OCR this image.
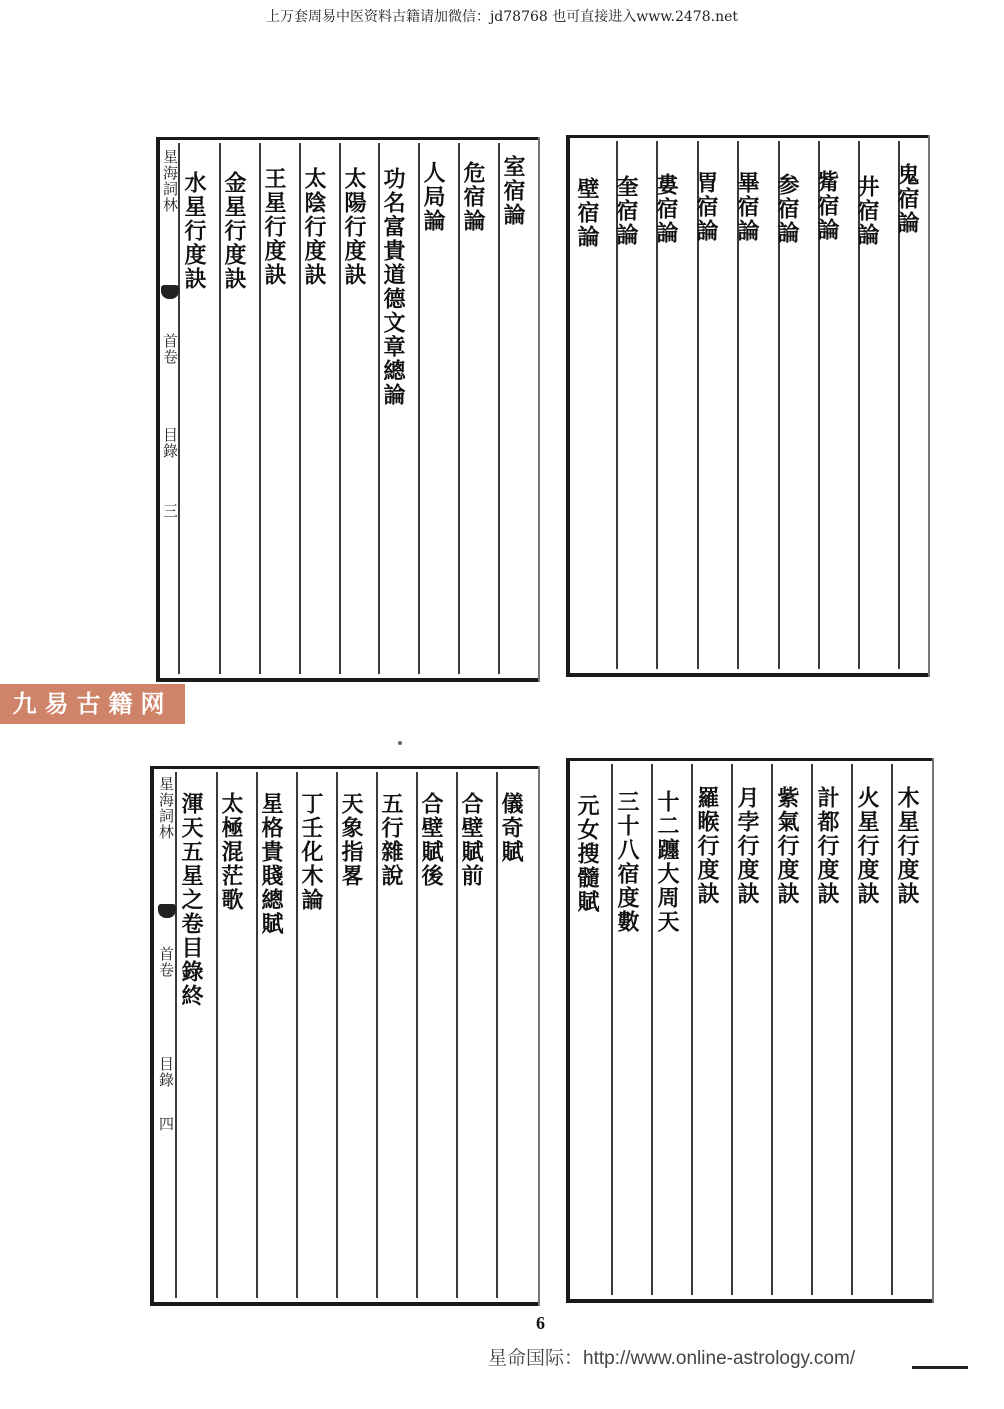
上万套周易中医资料古籍请加微信：jd78768 也可直接进入www.2478.net
鬼宿論
井宿論
觜宿論
参宿論
畢宿論
胃宿論
婁宿論
奎宿論
壁宿論
室宿論
危宿論
人局論
功名富貴道德文章總論
太陽行度訣
太陰行度訣
王星行度訣
金星行度訣
水星行度訣
星海詞林
首卷
目錄
三
九易古籍网
木星行度訣
火星行度訣
計都行度訣
紫氣行度訣
月孛行度訣
羅睺行度訣
十二躔大周天
三十八宿度數
元女搜髓賦
儀奇賦
合壁賦前
合壁賦後
五行雜說
天象指畧
丁壬化木論
星格貴賤總賦
太極混茫歌
渾天五星之卷目錄終
星海詞林
首卷
目錄
四
6
星命国际：http://www.online-astrology.com/
